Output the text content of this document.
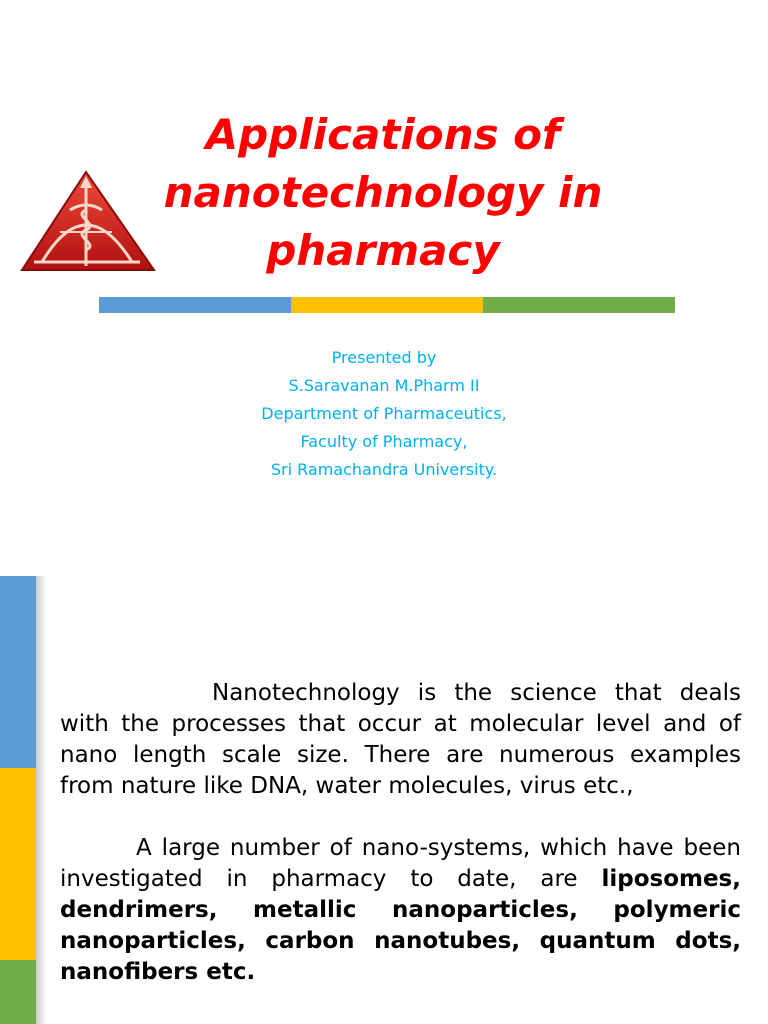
Applications of
nanotechnology in
pharmacy
Presented by
S.Saravanan M.Pharm II
Department of Pharmaceutics,
Faculty of Pharmacy,
Sri Ramachandra University.

Nanotechnology is the science that deals with the processes that occur at molecular level and of nano length scale size. There are numerous examples from nature like DNA, water molecules, virus etc.,

A large number of nano-systems, which have been investigated in pharmacy to date, are liposomes, dendrimers, metallic nanoparticles, polymeric nanoparticles, carbon nanotubes, quantum dots, nanofibers etc.
